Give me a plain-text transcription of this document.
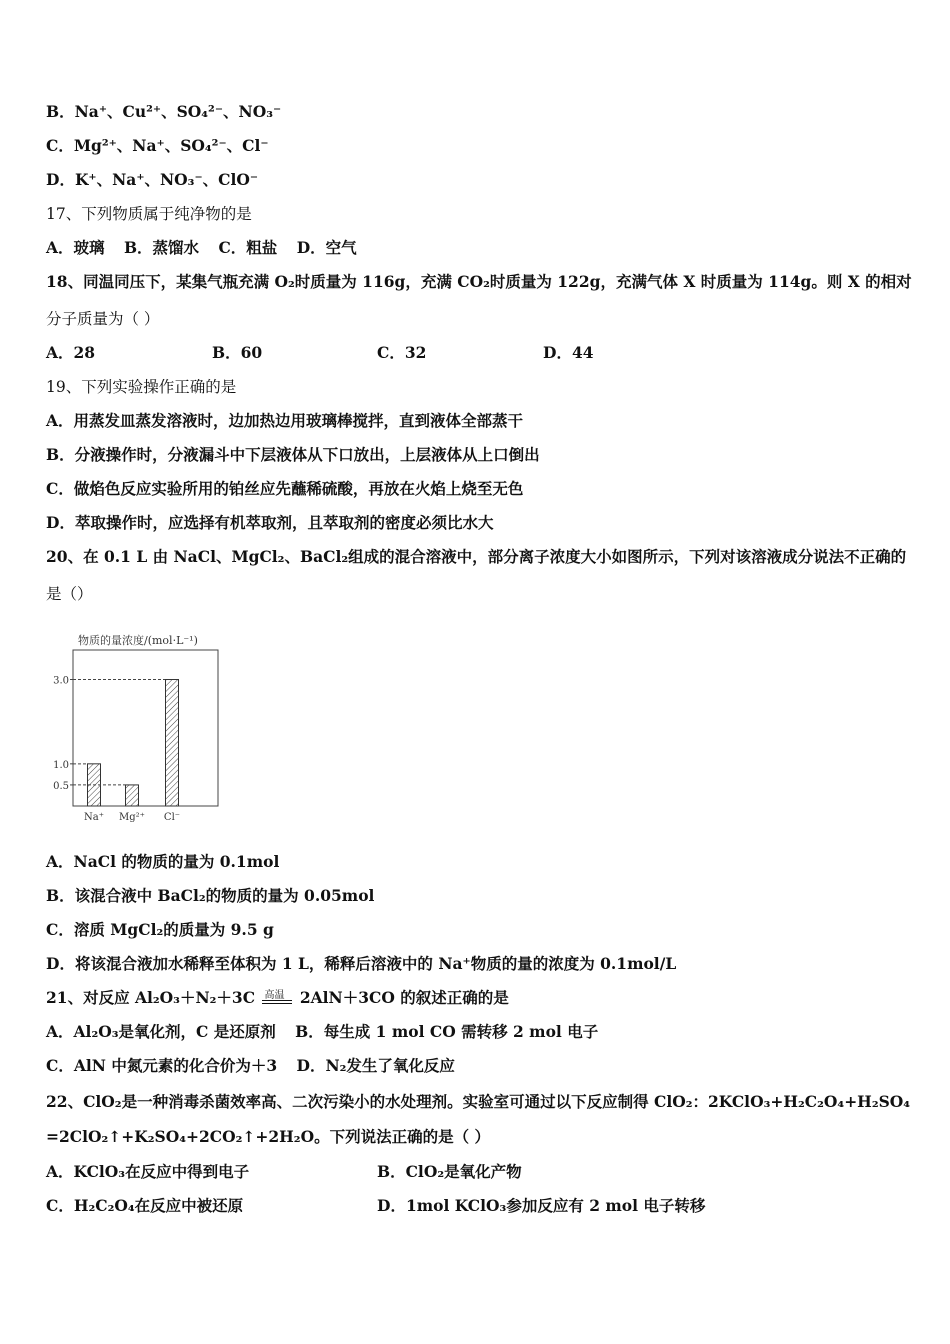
B．Na⁺、Cu²⁺、SO₄²⁻、NO₃⁻
C．Mg²⁺、Na⁺、SO₄²⁻、Cl⁻
D．K⁺、Na⁺、NO₃⁻、ClO⁻
17、下列物质属于纯净物的是
A．玻璃 B．蒸馏水 C．粗盐 D．空气
18、同温同压下，某集气瓶充满 O₂时质量为 116g，充满 CO₂时质量为 122g，充满气体 X 时质量为 114g。则 X 的相对
分子质量为（ ）
A．28	B．60	C．32	D．44
19、下列实验操作正确的是
A．用蒸发皿蒸发溶液时，边加热边用玻璃棒搅拌，直到液体全部蒸干
B．分液操作时，分液漏斗中下层液体从下口放出，上层液体从上口倒出
C．做焰色反应实验所用的铂丝应先蘸稀硫酸，再放在火焰上烧至无色
D．萃取操作时，应选择有机萃取剂，且萃取剂的密度必须比水大
20、在 0.1 L 由 NaCl、MgCl₂、BaCl₂组成的混合溶液中，部分离子浓度大小如图所示，下列对该溶液成分说法不正确的
是（）
物质的量浓度/(mol·L⁻¹)
3.0
1.0
0.5
Na⁺ Mg²⁺ Cl⁻
A．NaCl 的物质的量为 0.1mol
B．该混合液中 BaCl₂的物质的量为 0.05mol
C．溶质 MgCl₂的质量为 9.5 g
D．将该混合液加水稀释至体积为 1 L，稀释后溶液中的 Na⁺物质的量的浓度为 0.1mol/L
21、对反应 Al₂O₃＋N₂＋3C 高温 2AlN＋3CO 的叙述正确的是
A．Al₂O₃是氧化剂，C 是还原剂 B．每生成 1 mol CO 需转移 2 mol 电子
C．AlN 中氮元素的化合价为＋3 D．N₂发生了氧化反应
22、ClO₂是一种消毒杀菌效率高、二次污染小的水处理剂。实验室可通过以下反应制得 ClO₂：2KClO₃+H₂C₂O₄+H₂SO₄
=2ClO₂↑+K₂SO₄+2CO₂↑+2H₂O。下列说法正确的是（ ）
A．KClO₃在反应中得到电子	B．ClO₂是氧化产物
C．H₂C₂O₄在反应中被还原	D．1mol KClO₃参加反应有 2 mol 电子转移
